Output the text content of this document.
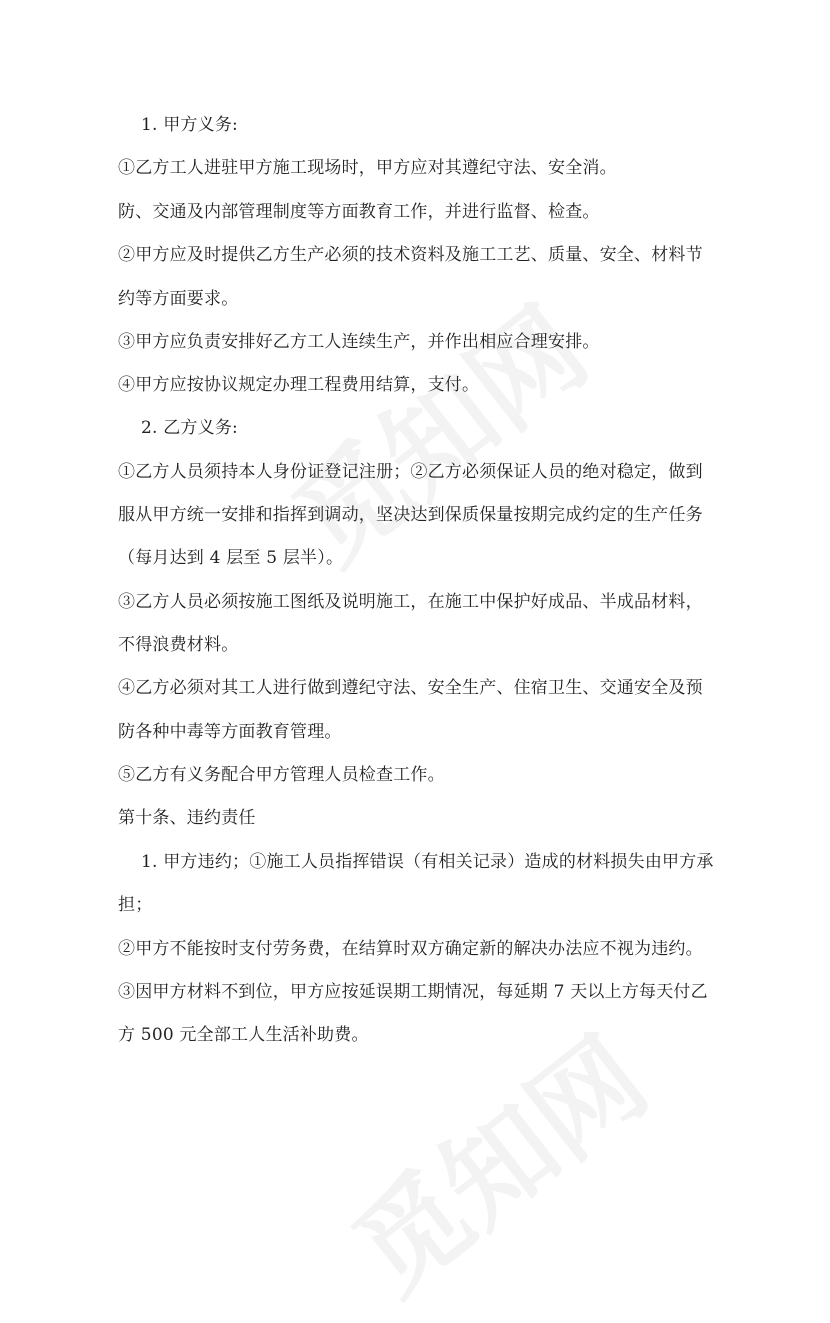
1. 甲方义务:
①乙方工人进驻甲方施工现场时，甲方应对其遵纪守法、安全消。
防、交通及内部管理制度等方面教育工作，并进行监督、检查。
②甲方应及时提供乙方生产必须的技术资料及施工工艺、质量、安全、材料节
约等方面要求。
③甲方应负责安排好乙方工人连续生产，并作出相应合理安排。
④甲方应按协议规定办理工程费用结算，支付。
2. 乙方义务:
①乙方人员须持本人身份证登记注册；②乙方必须保证人员的绝对稳定，做到
服从甲方统一安排和指挥到调动，坚决达到保质保量按期完成约定的生产任务
（每月达到 4 层至 5 层半）。
③乙方人员必须按施工图纸及说明施工，在施工中保护好成品、半成品材料，
不得浪费材料。
④乙方必须对其工人进行做到遵纪守法、安全生产、住宿卫生、交通安全及预
防各种中毒等方面教育管理。
⑤乙方有义务配合甲方管理人员检查工作。
第十条、违约责任
1. 甲方违约；①施工人员指挥错误（有相关记录）造成的材料损失由甲方承
担；
②甲方不能按时支付劳务费，在结算时双方确定新的解决办法应不视为违约。
③因甲方材料不到位，甲方应按延误期工期情况，每延期 7 天以上方每天付乙
方 500 元全部工人生活补助费。
